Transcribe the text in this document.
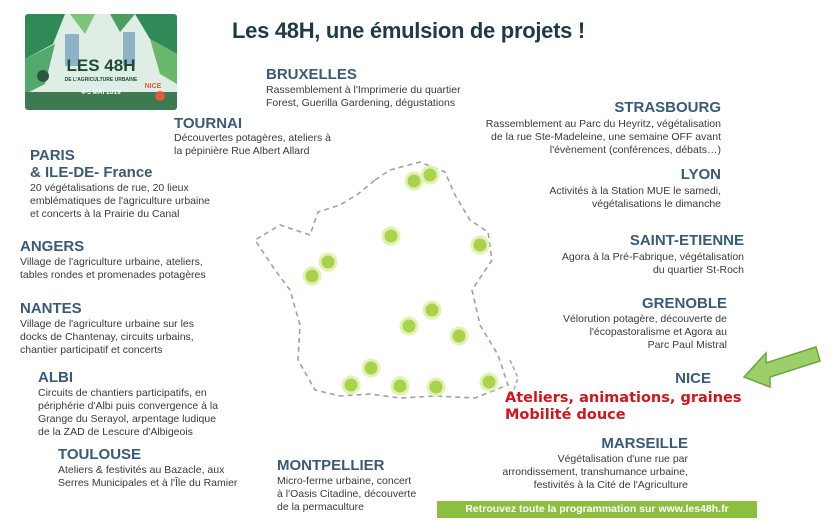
Les 48H, une émulsion de projets !
LES 48H
DE L'AGRICULTURE URBAINE
4-5 MAI 2019
NICE
TOURNAI
Découvertes potagères, ateliers à
la pépinière Rue Albert Allard
PARIS
& ILE-DE- France
20 végétalisations de rue, 20 lieux
emblématiques de l'agriculture urbaine
et concerts à la Prairie du Canal
ANGERS
Village de l'agriculture urbaine, ateliers,
tables rondes et promenades potagères
NANTES
Village de l'agriculture urbaine sur les
docks de Chantenay, circuits urbains,
chantier participatif et concerts
ALBI
Circuits de chantiers participatifs, en
périphérie d'Albi puis convergence à la
Grange du Serayol, arpentage ludique
de la ZAD de Lescure d'Albigeois
TOULOUSE
Ateliers & festivités au Bazacle, aux
Serres Municipales et à l'Île du Ramier
BRUXELLES
Rassemblement à l'Imprimerie du quartier
Forest, Guerilla Gardening, dégustations
MONTPELLIER
Micro-ferme urbaine, concert
à l'Oasis Citadine, découverte
de la permaculture
STRASBOURG
Rassemblement au Parc du Heyritz, végétalisation
de la rue Ste-Madeleine, une semaine OFF avant
l'évènement (conférences, débats…)
LYON
Activités à la Station MUE le samedi,
végétalisations le dimanche
SAINT-ETIENNE
Agora à la Pré-Fabrique, végétalisation
du quartier St-Roch
GRENOBLE
Vélorution potagère, découverte de
l'écopastoralisme et Agora au
Parc Paul Mistral
NICE
Ateliers, animations, graines
Mobilité douce
MARSEILLE
Végétalisation d'une rue par
arrondissement, transhumance urbaine,
festivités à la Cité de l'Agriculture
Retrouvez toute la programmation sur www.les48h.fr
